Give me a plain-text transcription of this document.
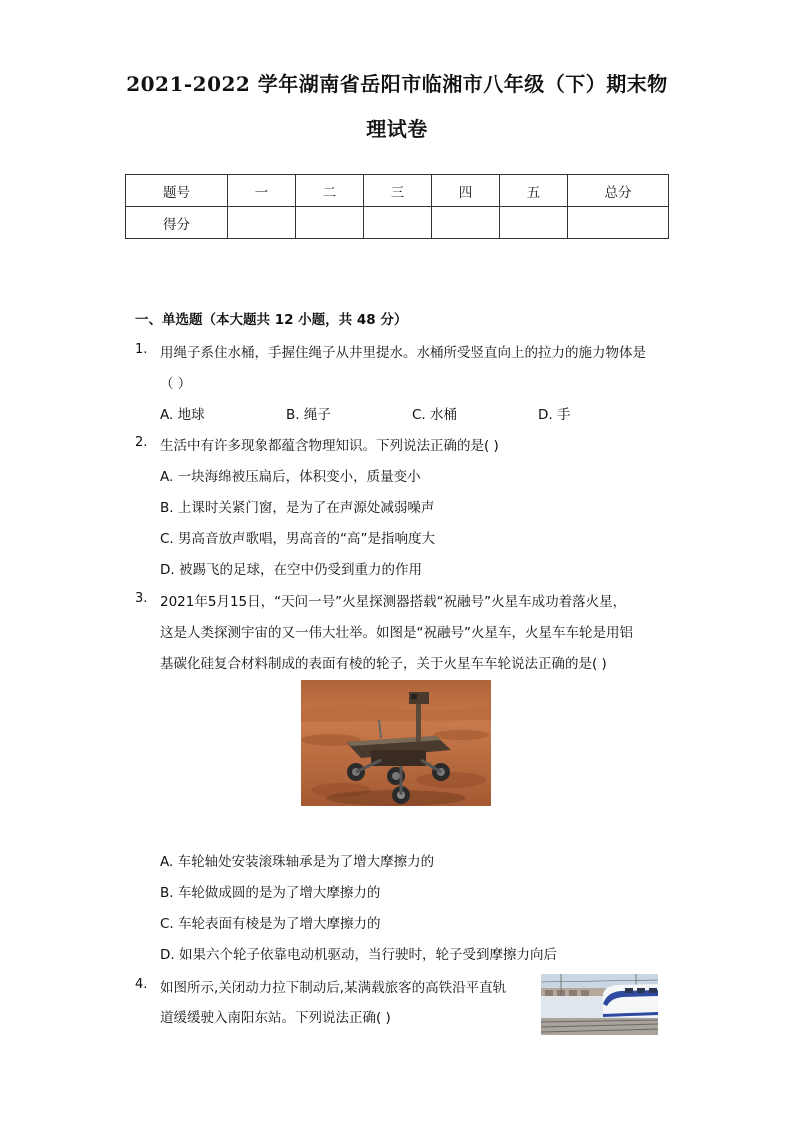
2021-2022 学年湖南省岳阳市临湘市八年级（下）期末物
理试卷
题号	一	二	三	四	五	总分
得分						
一、单选题（本大题共 12 小题，共 48 分）
1. 用绳子系住水桶，手握住绳子从井里提水。水桶所受竖直向上的拉力的施力物体是
（ ）
A. 地球	B. 绳子	C. 水桶	D. 手
2. 生活中有许多现象都蕴含物理知识。下列说法正确的是( )
A. 一块海绵被压扁后，体积变小，质量变小
B. 上课时关紧门窗，是为了在声源处减弱噪声
C. 男高音放声歌唱，男高音的“高”是指响度大
D. 被踢飞的足球，在空中仍受到重力的作用
3. 2021年5月15日，“天问一号”火星探测器搭载“祝融号”火星车成功着落火星，
这是人类探测宇宙的又一伟大壮举。如图是“祝融号”火星车，火星车车轮是用铝
基碳化硅复合材料制成的表面有棱的轮子，关于火星车车轮说法正确的是( )
A. 车轮轴处安装滚珠轴承是为了增大摩擦力的
B. 车轮做成圆的是为了增大摩擦力的
C. 车轮表面有棱是为了增大摩擦力的
D. 如果六个轮子依靠电动机驱动，当行驶时，轮子受到摩擦力向后
4. 如图所示,关闭动力拉下制动后,某满载旅客的高铁沿平直轨
道缓缓驶入南阳东站。下列说法正确( )
